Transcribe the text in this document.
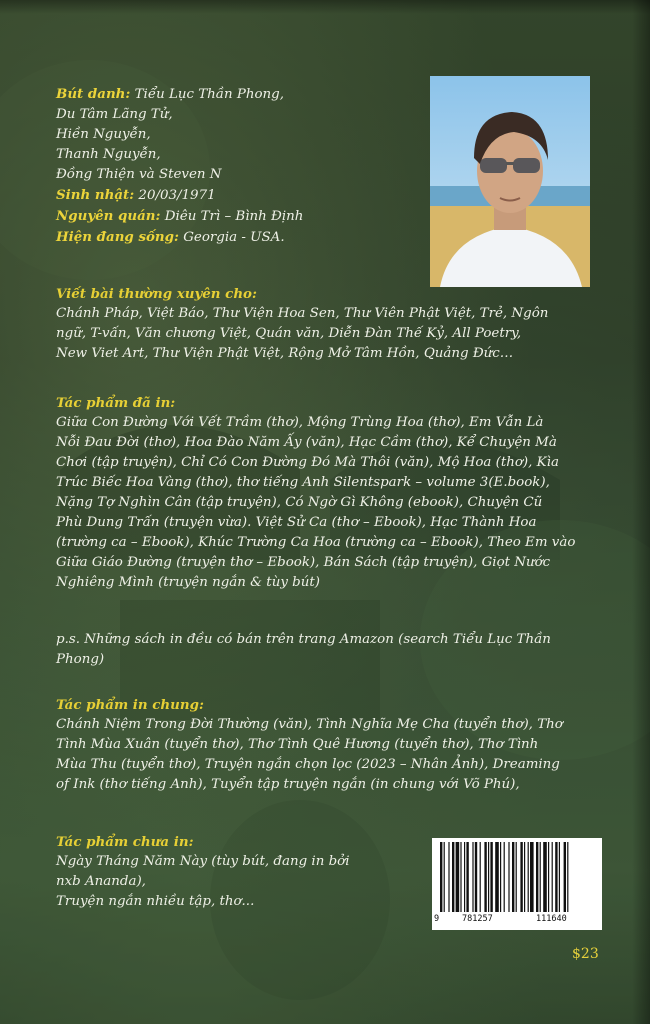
Bút danh: Tiểu Lục Thần Phong,
Du Tâm Lãng Tử,
Hiền Nguyễn,
Thanh Nguyễn,
Đồng Thiện và Steven N
Sinh nhật: 20/03/1971
Nguyên quán: Diêu Trì – Bình Định
Hiện đang sống: Georgia - USA.
Viết bài thường xuyên cho:
Chánh Pháp, Việt Báo, Thư Viện Hoa Sen, Thư Viên Phật Việt, Trẻ, Ngôn
ngữ, T-vấn, Văn chương Việt, Quán văn, Diễn Đàn Thế Kỷ, All Poetry,
New Viet Art, Thư Viện Phật Việt, Rộng Mở Tâm Hồn, Quảng Đức…
Tác phẩm đã in:
Giữa Con Đường Với Vết Trầm (thơ), Mộng Trùng Hoa (thơ), Em Vẫn Là
Nỗi Đau Đời (thơ), Hoa Đào Năm Ấy (văn), Hạc Cầm (thơ), Kể Chuyện Mà
Chơi (tập truyện), Chỉ Có Con Đường Đó Mà Thôi (văn), Mộ Hoa (thơ), Kìa
Trúc Biếc Hoa Vàng (thơ), thơ tiếng Anh Silentspark – volume 3(E.book),
Nặng Tợ Nghìn Cân (tập truyện), Có Ngờ Gì Không (ebook), Chuyện Cũ
Phù Dung Trấn (truyện vừa). Việt Sử Ca (thơ – Ebook), Hạc Thành Hoa
(trường ca – Ebook), Khúc Trường Ca Hoa (trường ca – Ebook), Theo Em vào
Giữa Giáo Đường (truyện thơ – Ebook), Bán Sách (tập truyện), Giọt Nước
Nghiêng Mình (truyện ngắn & tùy bút)
p.s. Những sách in đều có bán trên trang Amazon (search Tiểu Lục Thần
Phong)
Tác phẩm in chung:
Chánh Niệm Trong Đời Thường (văn), Tình Nghĩa Mẹ Cha (tuyển thơ), Thơ
Tình Mùa Xuân (tuyển thơ), Thơ Tình Quê Hương (tuyển thơ), Thơ Tình
Mùa Thu (tuyển thơ), Truyện ngắn chọn lọc (2023 – Nhân Ảnh), Dreaming
of Ink (thơ tiếng Anh), Tuyển tập truyện ngắn (in chung với Võ Phú),
Tác phẩm chưa in:
Ngày Tháng Năm Này (tùy bút, đang in bởi
nxb Ananda),
Truyện ngắn nhiều tập, thơ...
9	781257	111640
$23
